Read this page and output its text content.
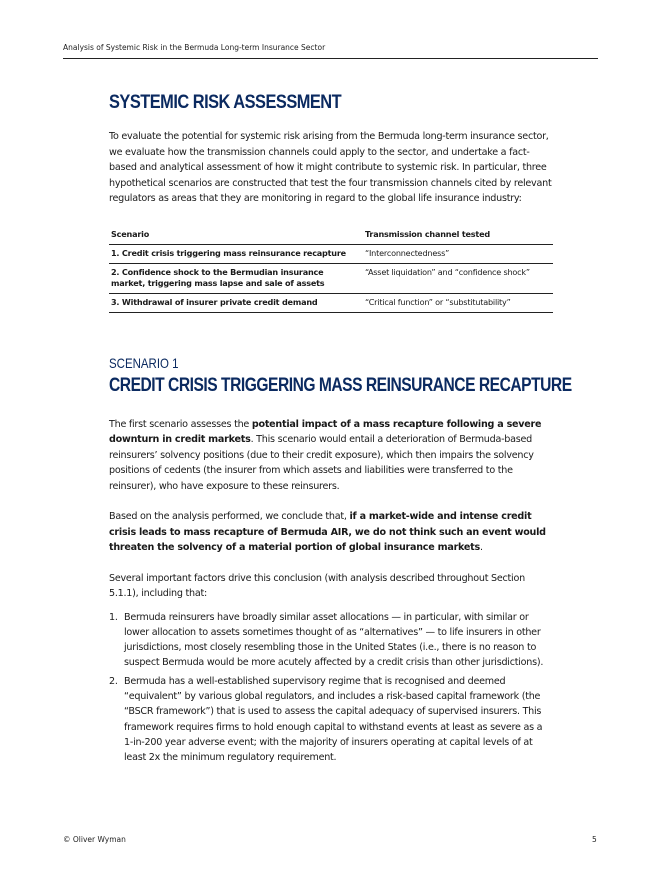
Analysis of Systemic Risk in the Bermuda Long-term Insurance Sector
SYSTEMIC RISK ASSESSMENT

To evaluate the potential for systemic risk arising from the Bermuda long-term insurance sector, we evaluate how the transmission channels could apply to the sector, and undertake a fact-based and analytical assessment of how it might contribute to systemic risk. In particular, three hypothetical scenarios are constructed that test the four transmission channels cited by relevant regulators as areas that they are monitoring in regard to the global life insurance industry:

Scenario	Transmission channel tested
1. Credit crisis triggering mass reinsurance recapture	“Interconnectedness”
2. Confidence shock to the Bermudian insurance market, triggering mass lapse and sale of assets	“Asset liquidation” and “confidence shock”
3. Withdrawal of insurer private credit demand	“Critical function” or “substitutability”
SCENARIO 1
CREDIT CRISIS TRIGGERING MASS REINSURANCE RECAPTURE

The first scenario assesses the potential impact of a mass recapture following a severe downturn in credit markets. This scenario would entail a deterioration of Bermuda-based reinsurers’ solvency positions (due to their credit exposure), which then impairs the solvency positions of cedents (the insurer from which assets and liabilities were transferred to the reinsurer), who have exposure to these reinsurers.

Based on the analysis performed, we conclude that, if a market-wide and intense credit crisis leads to mass recapture of Bermuda AIR, we do not think such an event would threaten the solvency of a material portion of global insurance markets.

Several important factors drive this conclusion (with analysis described throughout Section 5.1.1), including that:

1. Bermuda reinsurers have broadly similar asset allocations — in particular, with similar or lower allocation to assets sometimes thought of as “alternatives” — to life insurers in other jurisdictions, most closely resembling those in the United States (i.e., there is no reason to suspect Bermuda would be more acutely affected by a credit crisis than other jurisdictions).
2. Bermuda has a well-established supervisory regime that is recognised and deemed “equivalent” by various global regulators, and includes a risk-based capital framework (the “BSCR framework”) that is used to assess the capital adequacy of supervised insurers. This framework requires firms to hold enough capital to withstand events at least as severe as a 1-in-200 year adverse event; with the majority of insurers operating at capital levels of at least 2x the minimum regulatory requirement.
© Oliver Wyman	5
